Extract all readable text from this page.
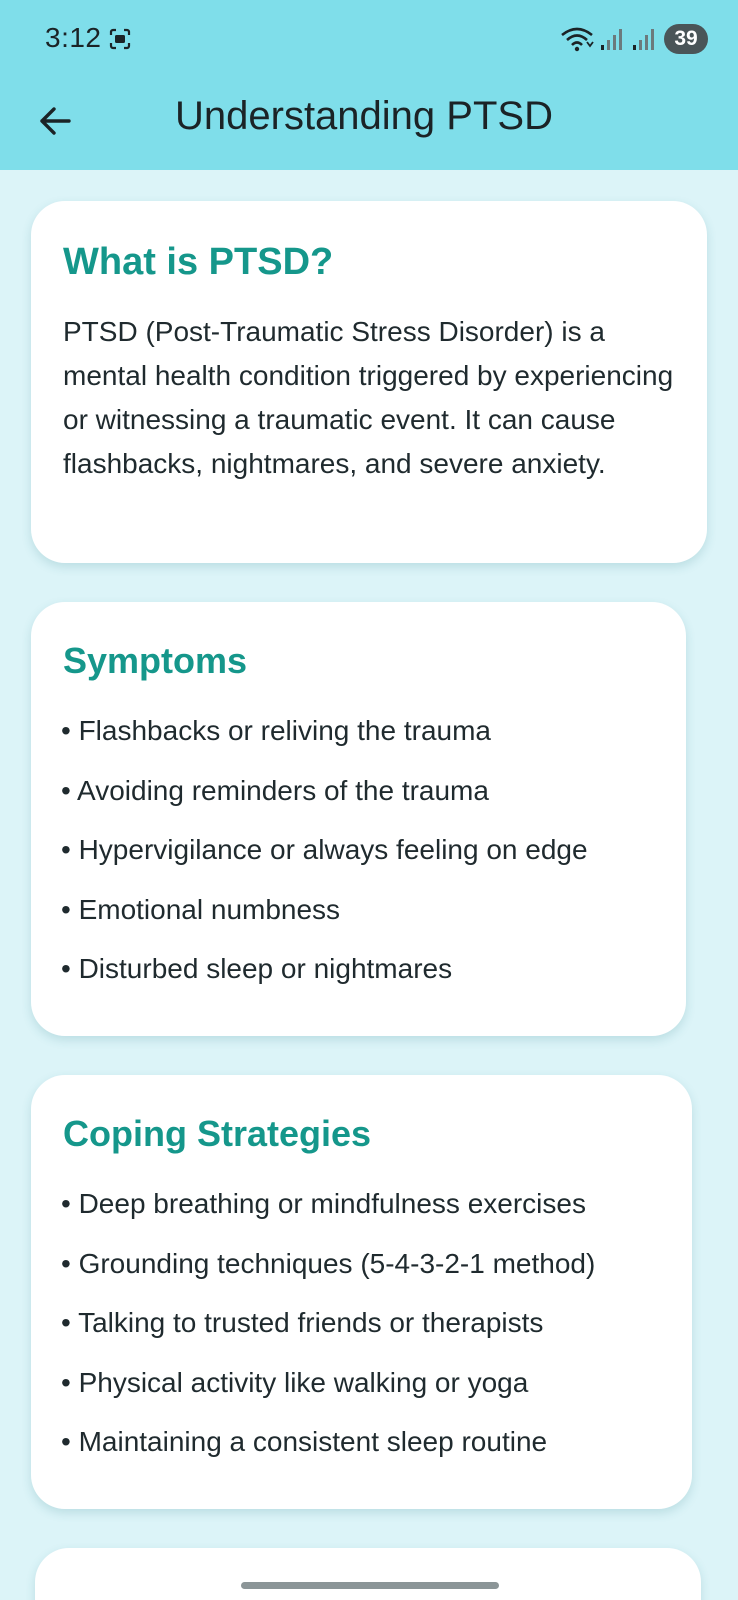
3:12	39
Understanding PTSD
What is PTSD?

PTSD (Post-Traumatic Stress Disorder) is a mental health condition triggered by experiencing or witnessing a traumatic event. It can cause flashbacks, nightmares, and severe anxiety.

Symptoms
• Flashbacks or reliving the trauma
• Avoiding reminders of the trauma
• Hypervigilance or always feeling on edge
• Emotional numbness
• Disturbed sleep or nightmares
Coping Strategies
• Deep breathing or mindfulness exercises
• Grounding techniques (5-4-3-2-1 method)
• Talking to trusted friends or therapists
• Physical activity like walking or yoga
• Maintaining a consistent sleep routine
